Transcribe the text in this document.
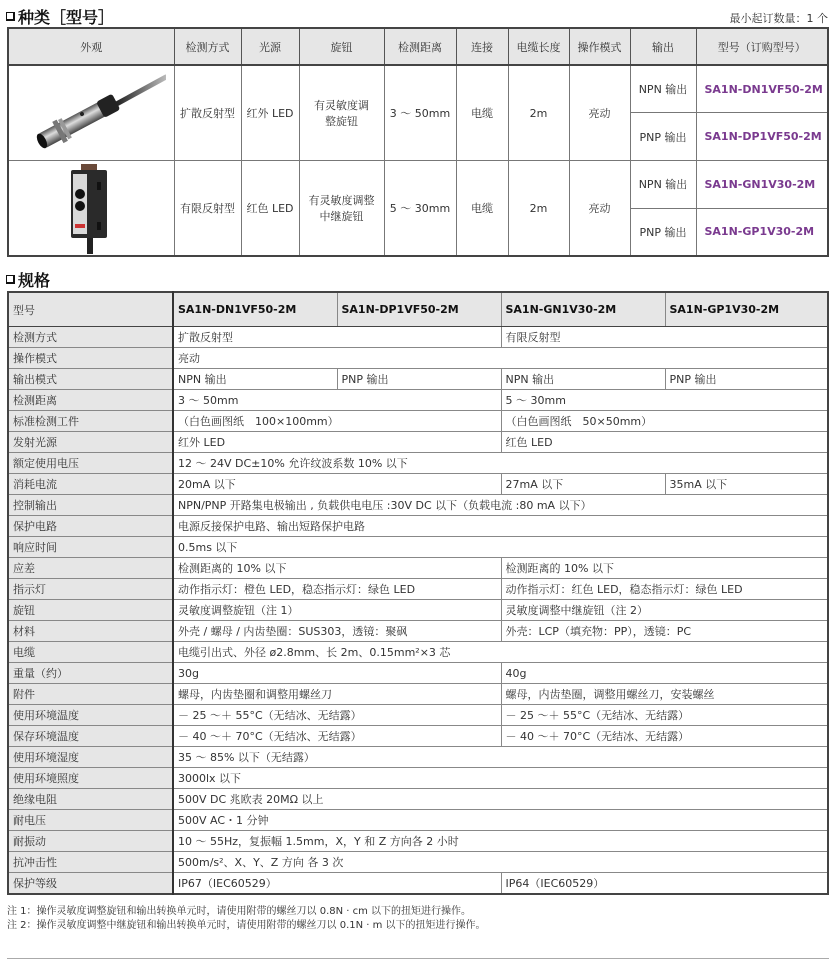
种类［型号］	最小起订数量：1 个
外观	检测方式	光源	旋钮	检测距离	连接	电缆长度	操作模式	输出	型号（订购型号）

	扩散反射型	红外 LED	有灵敏度调整旋钮	3 ～ 50mm	电缆	2m	亮动	NPN 输出	SA1N-DN1VF50-2M
								PNP 输出	SA1N-DP1VF50-2M

	有限反射型	红色 LED	有灵敏度调整中继旋钮	5 ～ 30mm	电缆	2m	亮动	NPN 输出	SA1N-GN1V30-2M
								PNP 输出	SA1N-GP1V30-2M
规格
型号	SA1N-DN1VF50-2M	SA1N-DP1VF50-2M	SA1N-GN1V30-2M	SA1N-GP1V30-2M
检测方式	扩散反射型		有限反射型	
操作模式	亮动			
输出模式	NPN 输出	PNP 输出	NPN 输出	PNP 输出
检测距离	3 ～ 50mm		5 ～ 30mm	
标准检测工件	（白色画图纸　100×100mm）		（白色画图纸　50×50mm）	
发射光源	红外 LED		红色 LED	
额定使用电压	12 ～ 24V DC±10% 允许纹波系数 10% 以下			
消耗电流	20mA 以下		27mA 以下	35mA 以下
控制输出	NPN/PNP 开路集电极输出 , 负载供电电压 :30V DC 以下（负载电流 :80 mA 以下）			
保护电路	电源反接保护电路、输出短路保护电路			
响应时间	0.5ms 以下			
应差	检测距离的 10% 以下		检测距离的 10% 以下	
指示灯	动作指示灯：橙色 LED，稳态指示灯：绿色 LED		动作指示灯：红色 LED，稳态指示灯：绿色 LED	
旋钮	灵敏度调整旋钮（注 1）		灵敏度调整中继旋钮（注 2）	
材料	外壳 / 螺母 / 内齿垫圈：SUS303，透镜：聚砜		外壳：LCP（填充物：PP），透镜：PC	
电缆	电缆引出式、外径 ø2.8mm、长 2m、0.15mm²×3 芯			
重量（约）	30g		40g	
附件	螺母，内齿垫圈和调整用螺丝刀		螺母，内齿垫圈，调整用螺丝刀，安装螺丝	
使用环境温度	－ 25 ～＋ 55°C（无结冰、无结露）		－ 25 ～＋ 55°C（无结冰、无结露）	
保存环境温度	－ 40 ～＋ 70°C（无结冰、无结露）		－ 40 ～＋ 70°C（无结冰、无结露）	
使用环境湿度	35 ～ 85% 以下（无结露）			
使用环境照度	3000lx 以下			
绝缘电阻	500V DC 兆欧表 20MΩ 以上			
耐电压	500V AC・1 分钟			
耐振动	10 ～ 55Hz，复振幅 1.5mm，X，Y 和 Z 方向各 2 小时			
抗冲击性	500m/s²、X、Y、Z 方向 各 3 次			
保护等级	IP67（IEC60529）		IP64（IEC60529）	
注 1：操作灵敏度调整旋钮和输出转换单元时，请使用附带的螺丝刀以 0.8N · cm 以下的扭矩进行操作。
注 2：操作灵敏度调整中继旋钮和输出转换单元时，请使用附带的螺丝刀以 0.1N · m 以下的扭矩进行操作。
